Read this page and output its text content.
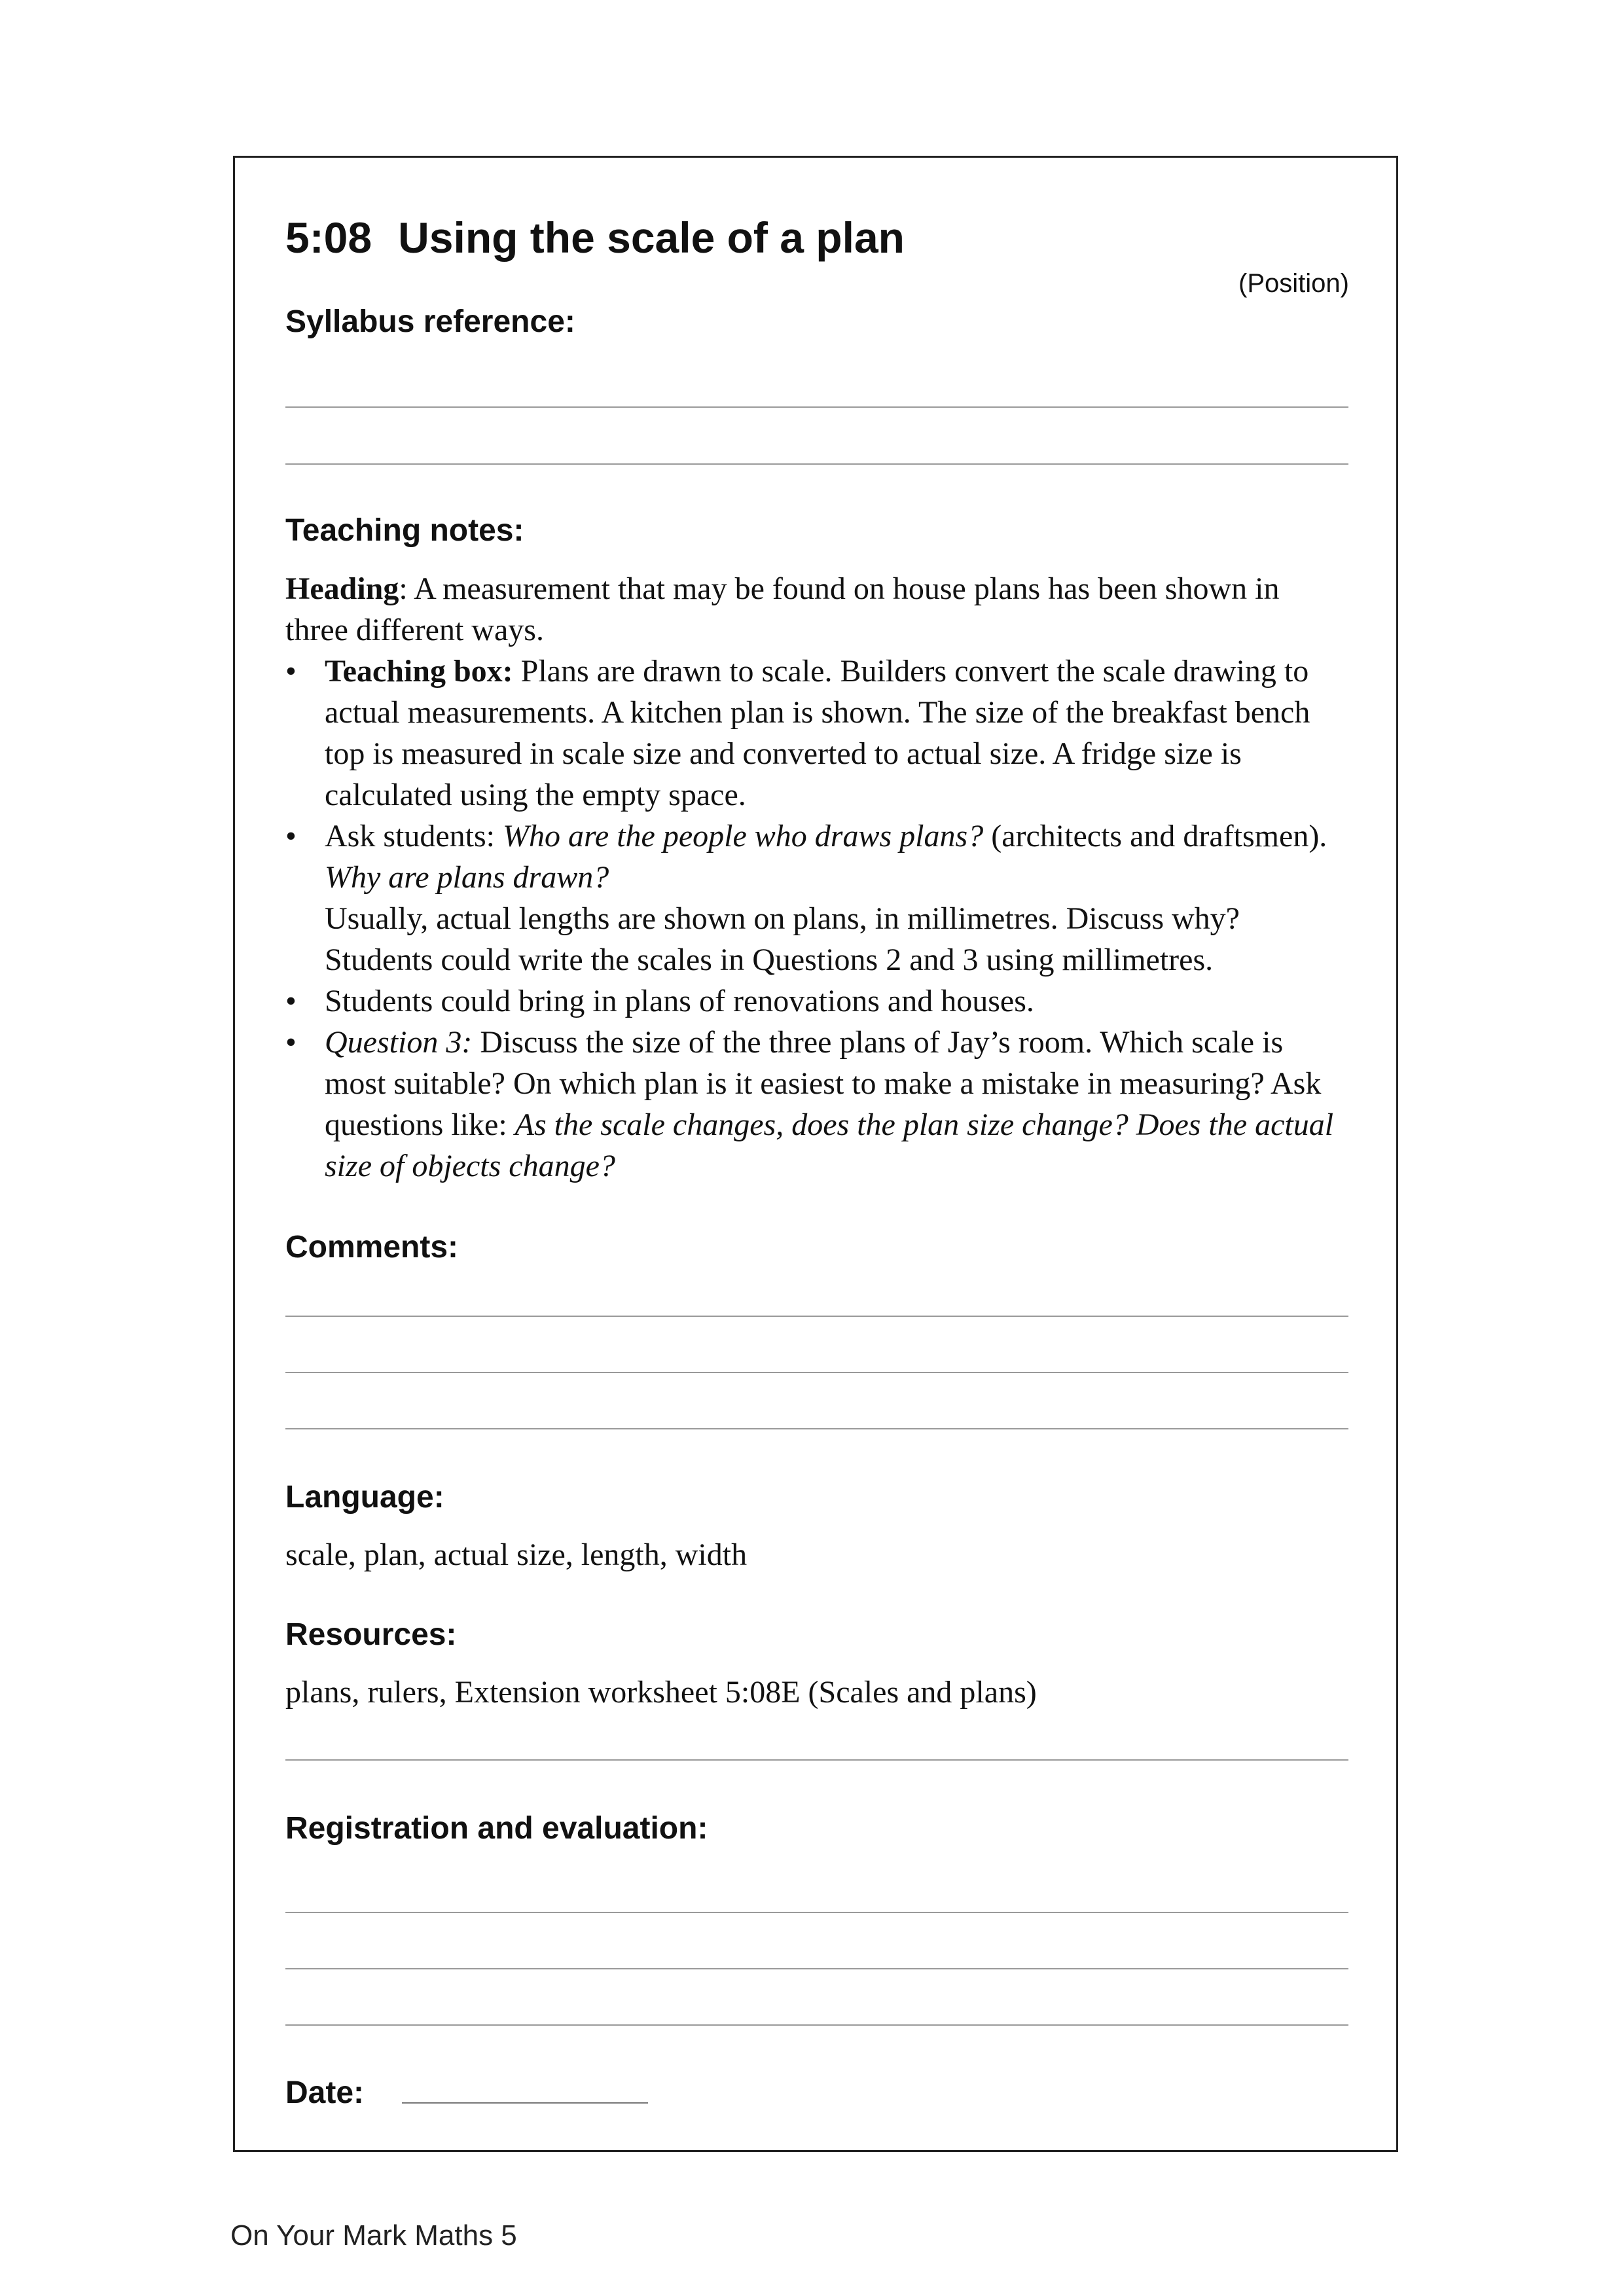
5:08 Using the scale of a plan
(Position)
Syllabus reference:
Teaching notes:

Heading: A measurement that may be found on house plans has been shown in three different ways.

• Teaching box: Plans are drawn to scale. Builders convert the scale drawing to actual measurements. A kitchen plan is shown. The size of the breakfast bench top is measured in scale size and converted to actual size. A fridge size is calculated using the empty space.
• Ask students: Who are the people who draws plans? (architects and draftsmen). Why are plans drawn?
Usually, actual lengths are shown on plans, in millimetres. Discuss why?
Students could write the scales in Questions 2 and 3 using millimetres.
• Students could bring in plans of renovations and houses.
• Question 3: Discuss the size of the three plans of Jay’s room. Which scale is most suitable? On which plan is it easiest to make a mistake in measuring? Ask questions like: As the scale changes, does the plan size change? Does the actual size of objects change?
Comments:
Language:
scale, plan, actual size, length, width
Resources:
plans, rulers, Extension worksheet 5:08E (Scales and plans)
Registration and evaluation:
Date:
On Your Mark Maths 5
